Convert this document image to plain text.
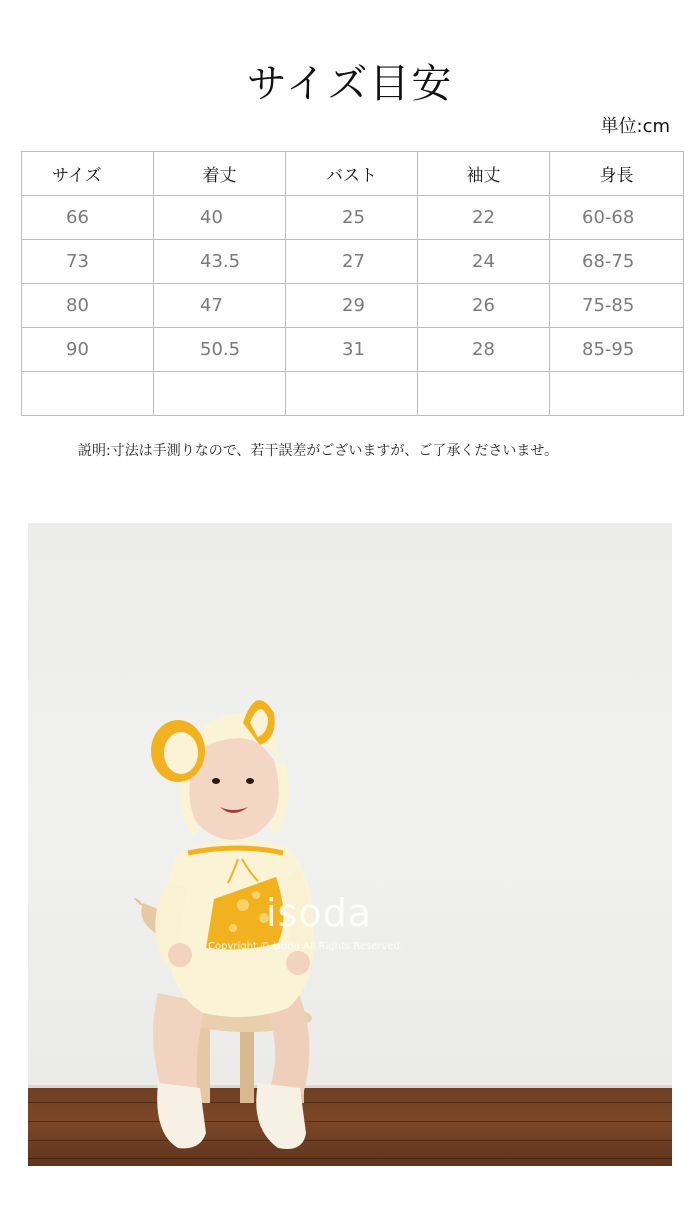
サイズ目安
単位:cm
サイズ	着丈	バスト	袖丈	身長
66	40	25	22	60-68
73	43.5	27	24	68-75
80	47	29	26	75-85
90	50.5	31	28	85-95

説明:寸法は手測りなので、若干誤差がございますが、ご了承くださいませ。
isoda
Copyright © isoda All Rights Reserved.
